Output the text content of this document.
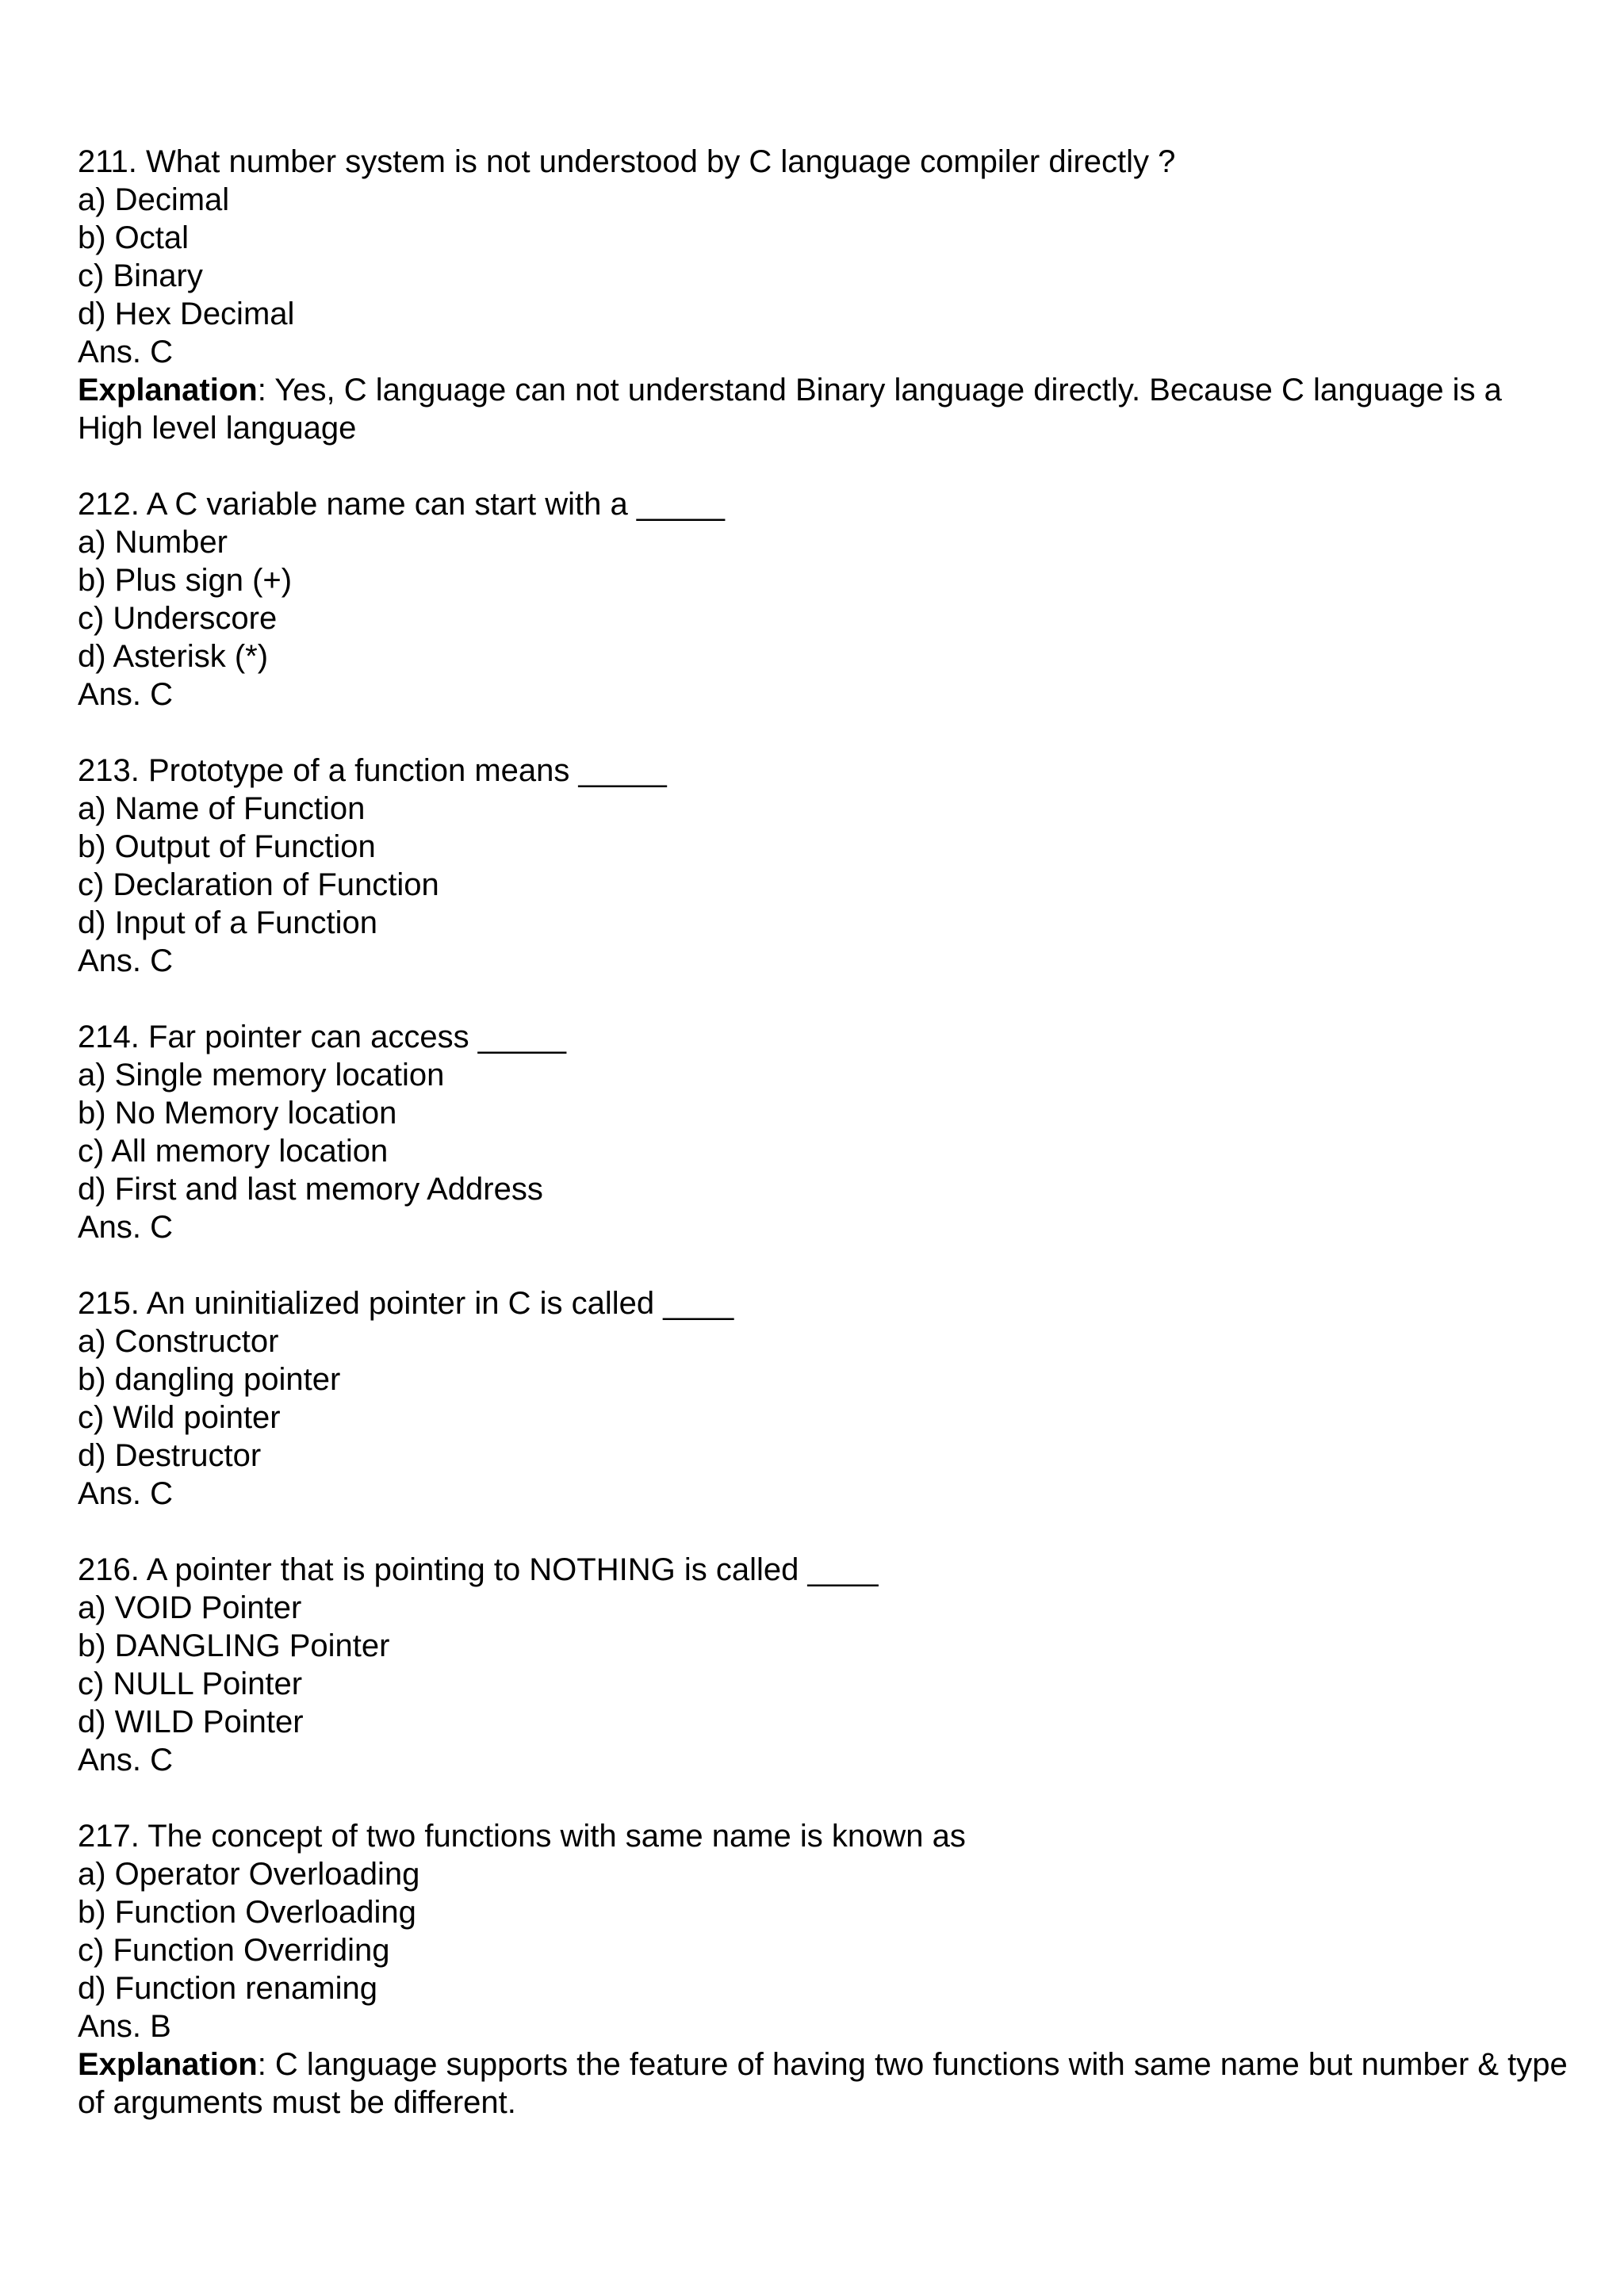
211. What number system is not understood by C language compiler directly ?
a) Decimal
b) Octal
c) Binary
d) Hex Decimal
Ans. C
Explanation: Yes, C language can not understand Binary language directly. Because C language is a High level language
212. A C variable name can start with a _____
a) Number
b) Plus sign (+)
c) Underscore
d) Asterisk (*)
Ans. C
213. Prototype of a function means _____
a) Name of Function
b) Output of Function
c) Declaration of Function
d) Input of a Function
Ans. C
214. Far pointer can access _____
a) Single memory location
b) No Memory location
c) All memory location
d) First and last memory Address
Ans. C
215. An uninitialized pointer in C is called ____
a) Constructor
b) dangling pointer
c) Wild pointer
d) Destructor
Ans. C
216. A pointer that is pointing to NOTHING is called ____
a) VOID Pointer
b) DANGLING Pointer
c) NULL Pointer
d) WILD Pointer
Ans. C
217. The concept of two functions with same name is known as
a) Operator Overloading
b) Function Overloading
c) Function Overriding
d) Function renaming
Ans. B
Explanation: C language supports the feature of having two functions with same name but number & type of arguments must be different.
